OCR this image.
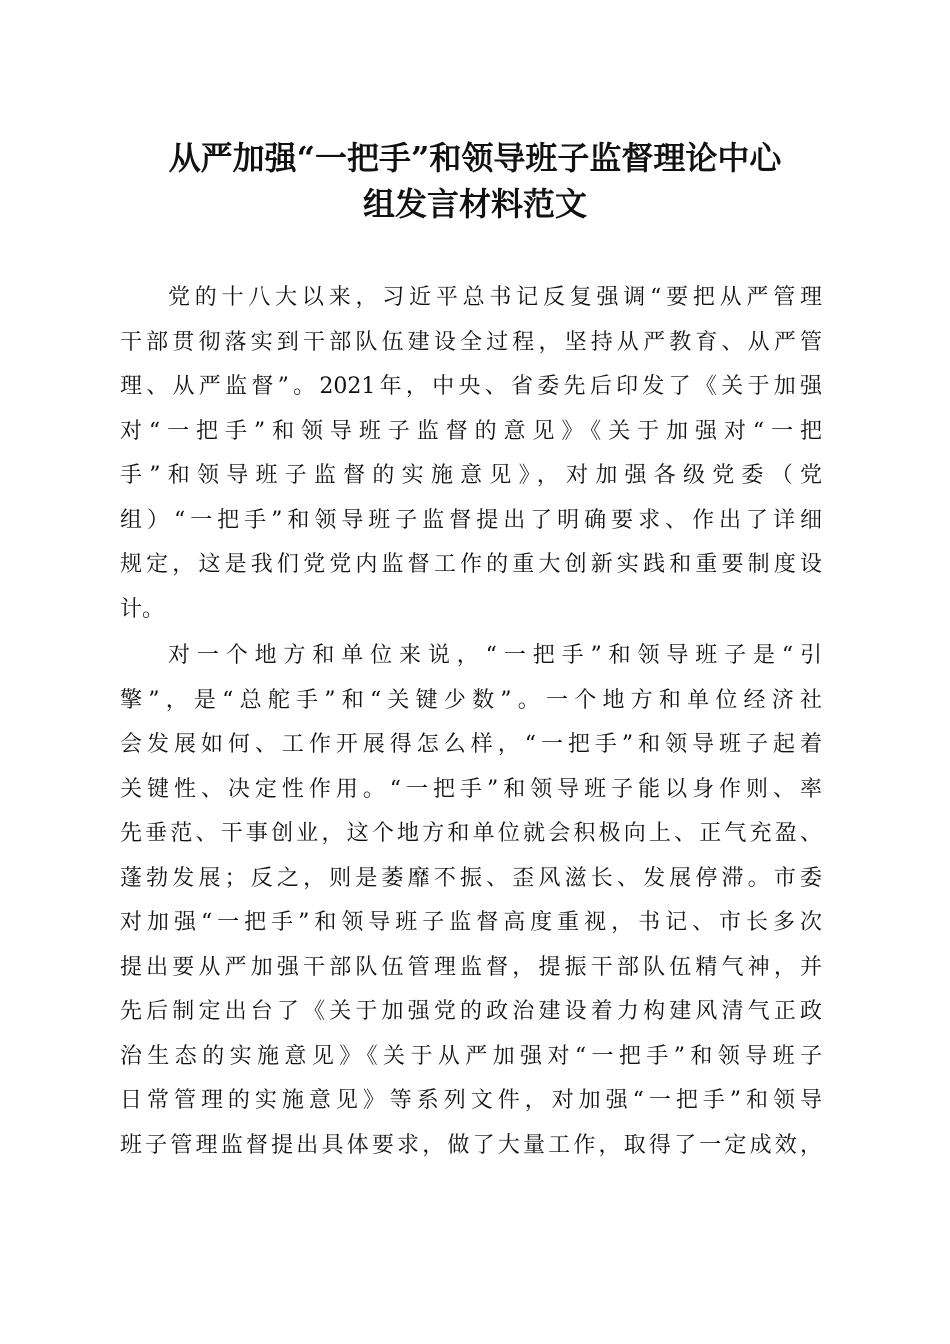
从严加强“一把手”和领导班子监督理论中心
组发言材料范文
党的十八大以来，习近平总书记反复强调“要把从严管理
干部贯彻落实到干部队伍建设全过程，坚持从严教育、从严管
理、从严监督”。2021年，中央、省委先后印发了《关于加强
对“一把手”和领导班子监督的意见》《关于加强对“一把
手”和领导班子监督的实施意见》，对加强各级党委（党
组）“一把手”和领导班子监督提出了明确要求、作出了详细
规定，这是我们党党内监督工作的重大创新实践和重要制度设
计。
对一个地方和单位来说，“一把手”和领导班子是“引
擎”，是“总舵手”和“关键少数”。一个地方和单位经济社
会发展如何、工作开展得怎么样，“一把手”和领导班子起着
关键性、决定性作用。“一把手”和领导班子能以身作则、率
先垂范、干事创业，这个地方和单位就会积极向上、正气充盈、
蓬勃发展；反之，则是萎靡不振、歪风滋长、发展停滞。市委
对加强“一把手”和领导班子监督高度重视，书记、市长多次
提出要从严加强干部队伍管理监督，提振干部队伍精气神，并
先后制定出台了《关于加强党的政治建设着力构建风清气正政
治生态的实施意见》《关于从严加强对“一把手”和领导班子
日常管理的实施意见》等系列文件，对加强“一把手”和领导
班子管理监督提出具体要求，做了大量工作，取得了一定成效，
